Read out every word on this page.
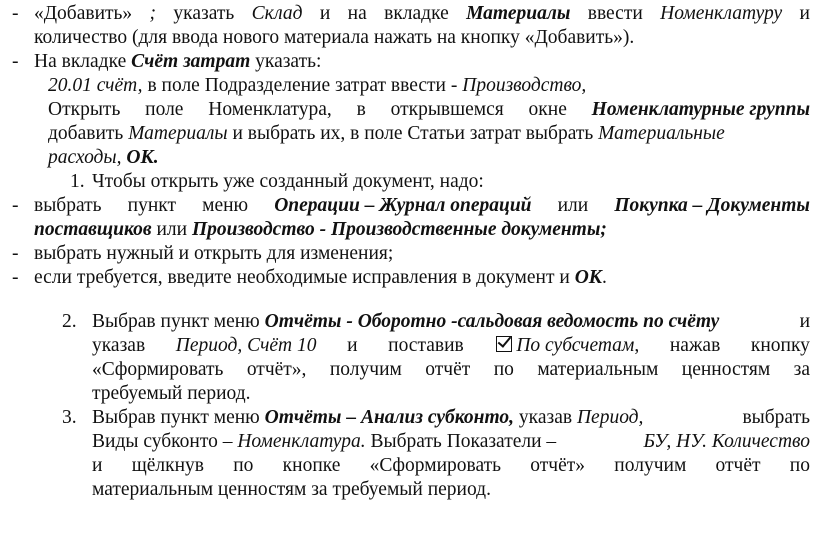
- «Добавить» ; указать Склад и на вкладке Материалы ввести Номенклатуру и
количество (для ввода нового материала нажать на кнопку «Добавить»).
- На вкладке Счёт затрат указать:
20.01 счёт, в поле Подразделение затрат ввести - Производство,
Открыть поле Номенклатура, в открывшемся окне Номенклатурные группы
добавить Материалы и выбрать их, в поле Статьи затрат выбрать Материальные
расходы, ОК.
1. Чтобы открыть уже созданный документ, надо:
- выбрать пункт меню Операции – Журнал операций или Покупка – Документы
поставщиков или Производство - Производственные документы;
- выбрать нужный и открыть для изменения;
- если требуется, введите необходимые исправления в документ и ОК.
2. Выбрав пункт меню Отчёты - Оборотно -сальдовая ведомость по счёту	и
указав Период, Счёт 10 и поставив	По субсчетам, нажав кнопку
«Сформировать отчёт», получим отчёт по материальным ценностям за
требуемый период.
3. Выбрав пункт меню Отчёты – Анализ субконто, указав Период,	выбрать
Виды субконто – Номенклатура. Выбрать Показатели –	БУ, НУ. Количество
и щёлкнув по кнопке «Сформировать отчёт» получим отчёт по
материальным ценностям за требуемый период.
